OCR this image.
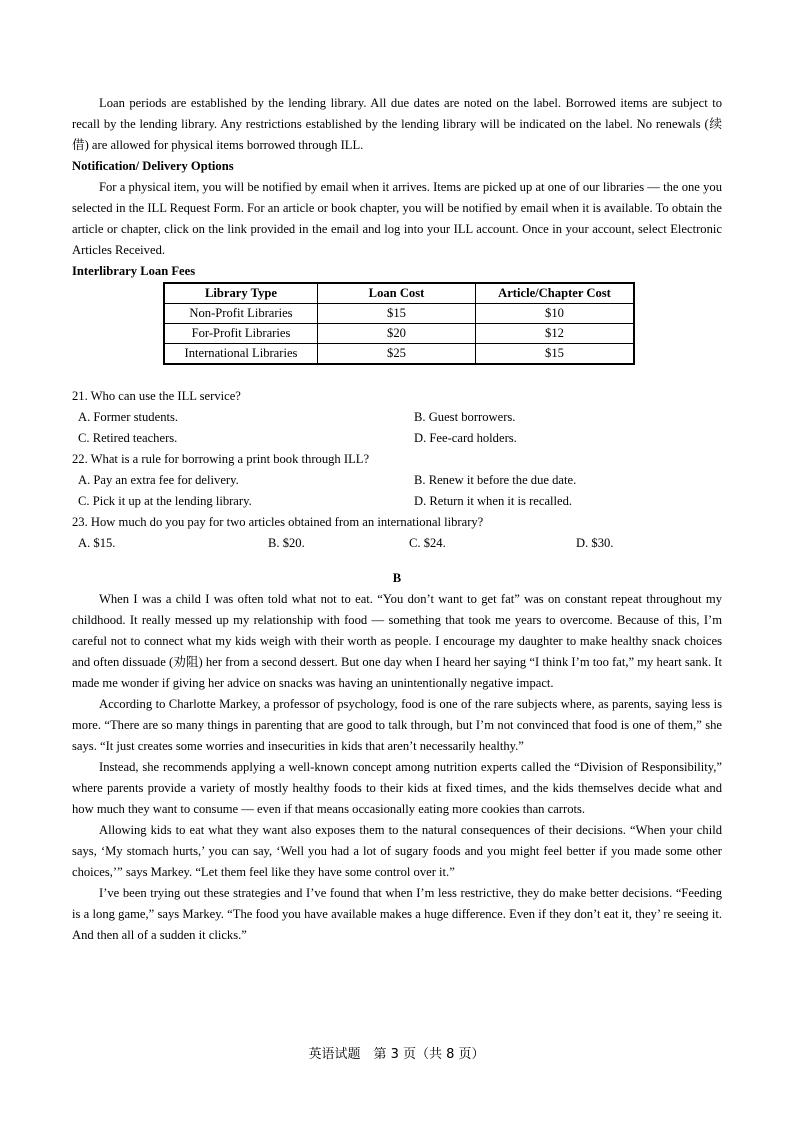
Loan periods are established by the lending library. All due dates are noted on the label. Borrowed items are subject to recall by the lending library. Any restrictions established by the lending library will be indicated on the label. No renewals (续借) are allowed for physical items borrowed through ILL.

Notification/ Delivery Options

For a physical item, you will be notified by email when it arrives. Items are picked up at one of our libraries — the one you selected in the ILL Request Form. For an article or book chapter, you will be notified by email when it is available. To obtain the article or chapter, click on the link provided in the email and log into your ILL account. Once in your account, select Electronic Articles Received.

Interlibrary Loan Fees
Library Type	Loan Cost	Article/Chapter Cost
Non-Profit Libraries	$15	$10
For-Profit Libraries	$20	$12
International Libraries	$25	$15
21. Who can use the ILL service?
A. Former students.	B. Guest borrowers.
C. Retired teachers.	D. Fee-card holders.
22. What is a rule for borrowing a print book through ILL?
A. Pay an extra fee for delivery.	B. Renew it before the due date.
C. Pick it up at the lending library.	D. Return it when it is recalled.
23. How much do you pay for two articles obtained from an international library?
A. $15.	B. $20.	C. $24.	D. $30.
B

When I was a child I was often told what not to eat. “You don’t want to get fat” was on constant repeat throughout my childhood. It really messed up my relationship with food — something that took me years to overcome. Because of this, I’m careful not to connect what my kids weigh with their worth as people. I encourage my daughter to make healthy snack choices and often dissuade (劝阻) her from a second dessert. But one day when I heard her saying “I think I’m too fat,” my heart sank. It made me wonder if giving her advice on snacks was having an unintentionally negative impact.

According to Charlotte Markey, a professor of psychology, food is one of the rare subjects where, as parents, saying less is more. “There are so many things in parenting that are good to talk through, but I’m not convinced that food is one of them,” she says. “It just creates some worries and insecurities in kids that aren’t necessarily healthy.”

Instead, she recommends applying a well-known concept among nutrition experts called the “Division of Responsibility,” where parents provide a variety of mostly healthy foods to their kids at fixed times, and the kids themselves decide what and how much they want to consume — even if that means occasionally eating more cookies than carrots.

Allowing kids to eat what they want also exposes them to the natural consequences of their decisions. “When your child says, ‘My stomach hurts,’ you can say, ‘Well you had a lot of sugary foods and you might feel better if you made some other choices,’” says Markey. “Let them feel like they have some control over it.”

I’ve been trying out these strategies and I’ve found that when I’m less restrictive, they do make better decisions. “Feeding is a long game,” says Markey. “The food you have available makes a huge difference. Even if they don’t eat it, they’ re seeing it. And then all of a sudden it clicks.”

英语试题　第 3 页（共 8 页）
